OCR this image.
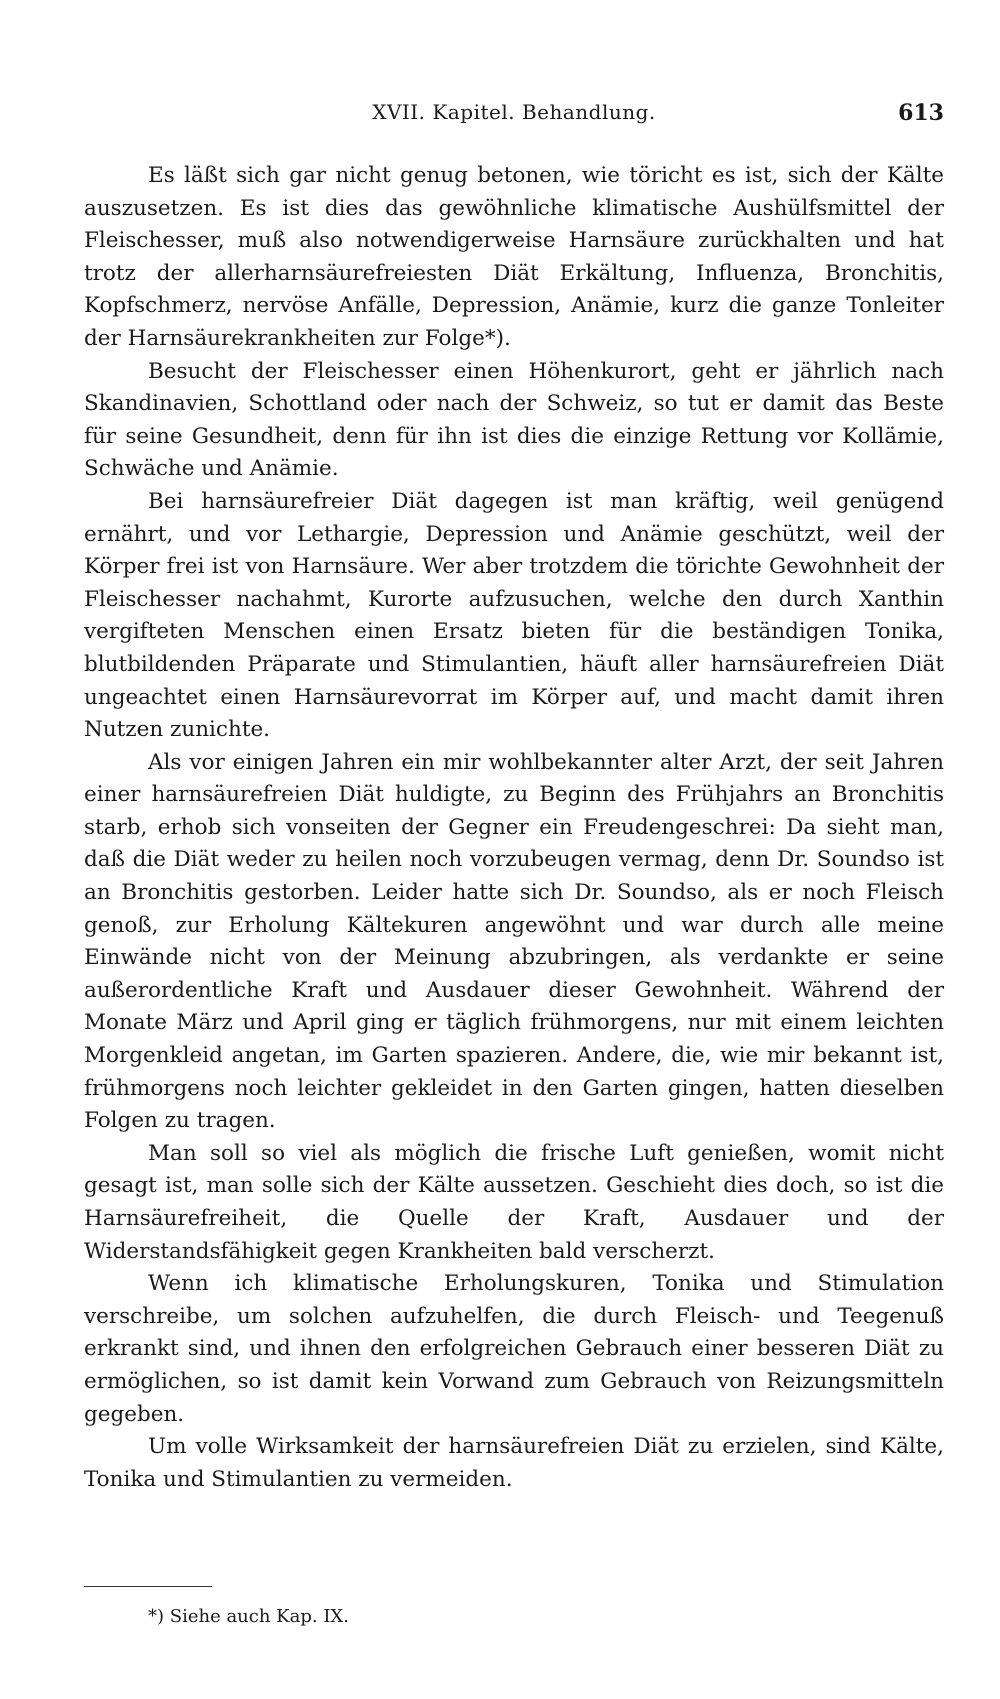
XVII. Kapitel. Behandlung.	613

Es läßt sich gar nicht genug betonen, wie töricht es ist, sich der Kälte auszusetzen. Es ist dies das gewöhnliche klimatische Aushülfsmittel der Fleischesser, muß also notwendigerweise Harnsäure zurückhalten und hat trotz der allerharnsäurefreiesten Diät Erkältung, Influenza, Bronchitis, Kopfschmerz, nervöse Anfälle, Depression, Anämie, kurz die ganze Tonleiter der Harnsäurekrankheiten zur Folge*).

Besucht der Fleischesser einen Höhenkurort, geht er jährlich nach Skandinavien, Schottland oder nach der Schweiz, so tut er damit das Beste für seine Gesundheit, denn für ihn ist dies die einzige Rettung vor Kollämie, Schwäche und Anämie.

Bei harnsäurefreier Diät dagegen ist man kräftig, weil genügend ernährt, und vor Lethargie, Depression und Anämie geschützt, weil der Körper frei ist von Harnsäure. Wer aber trotzdem die törichte Gewohnheit der Fleischesser nachahmt, Kurorte aufzusuchen, welche den durch Xanthin vergifteten Menschen einen Ersatz bieten für die beständigen Tonika, blutbildenden Präparate und Stimulantien, häuft aller harnsäurefreien Diät ungeachtet einen Harnsäurevorrat im Körper auf, und macht damit ihren Nutzen zunichte.

Als vor einigen Jahren ein mir wohlbekannter alter Arzt, der seit Jahren einer harnsäurefreien Diät huldigte, zu Beginn des Frühjahrs an Bronchitis starb, erhob sich vonseiten der Gegner ein Freudengeschrei: Da sieht man, daß die Diät weder zu heilen noch vorzubeugen vermag, denn Dr. Soundso ist an Bronchitis gestorben. Leider hatte sich Dr. Soundso, als er noch Fleisch genoß, zur Erholung Kältekuren angewöhnt und war durch alle meine Einwände nicht von der Meinung abzubringen, als verdankte er seine außerordentliche Kraft und Ausdauer dieser Gewohnheit. Während der Monate März und April ging er täglich frühmorgens, nur mit einem leichten Morgenkleid angetan, im Garten spazieren. Andere, die, wie mir bekannt ist, frühmorgens noch leichter gekleidet in den Garten gingen, hatten dieselben Folgen zu tragen.

Man soll so viel als möglich die frische Luft genießen, womit nicht gesagt ist, man solle sich der Kälte aussetzen. Geschieht dies doch, so ist die Harnsäurefreiheit, die Quelle der Kraft, Ausdauer und der Widerstandsfähigkeit gegen Krankheiten bald verscherzt.

Wenn ich klimatische Erholungskuren, Tonika und Stimulation verschreibe, um solchen aufzuhelfen, die durch Fleisch- und Teegenuß erkrankt sind, und ihnen den erfolgreichen Gebrauch einer besseren Diät zu ermöglichen, so ist damit kein Vorwand zum Gebrauch von Reizungsmitteln gegeben.

Um volle Wirksamkeit der harnsäurefreien Diät zu erzielen, sind Kälte, Tonika und Stimulantien zu vermeiden.

*) Siehe auch Kap. IX.
